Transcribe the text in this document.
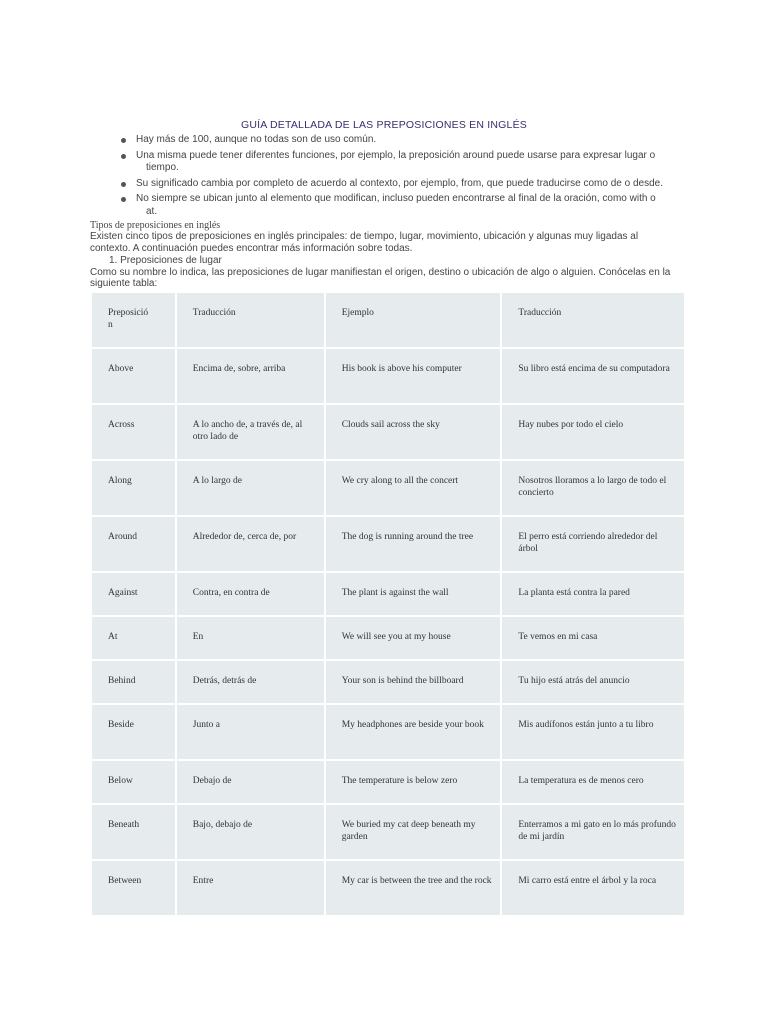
GUÍA DETALLADA DE LAS PREPOSICIONES EN INGLÉS
Hay más de 100, aunque no todas son de uso común.
Una misma puede tener diferentes funciones, por ejemplo, la preposición around puede usarse para expresar lugar o
tiempo.
Su significado cambia por completo de acuerdo al contexto, por ejemplo, from, que puede traducirse como de o desde.
No siempre se ubican junto al elemento que modifican, incluso pueden encontrarse al final de la oración, como with o
at.
Tipos de preposiciones en inglés
Existen cinco tipos de preposiciones en inglés principales: de tiempo, lugar, movimiento, ubicación y algunas muy ligadas al
contexto. A continuación puedes encontrar más información sobre todas.
1. Preposiciones de lugar
Como su nombre lo indica, las preposiciones de lugar manifiestan el origen, destino o ubicación de algo o alguien. Conócelas en la
siguiente tabla:
Preposició
n	Traducción	Ejemplo	Traducción
Above	Encima de, sobre, arriba	His book is above his computer	Su libro está encima de su computadora
Across	A lo ancho de, a través de, al otro lado de	Clouds sail across the sky	Hay nubes por todo el cielo
Along	A lo largo de	We cry along to all the concert	Nosotros lloramos a lo largo de todo el concierto
Around	Alrededor de, cerca de, por	The dog is running around the tree	El perro está corriendo alrededor del árbol
Against	Contra, en contra de	The plant is against the wall	La planta está contra la pared
At	En	We will see you at my house	Te vemos en mi casa
Behind	Detrás, detrás de	Your son is behind the billboard	Tu hijo está atrás del anuncio
Beside	Junto a	My headphones are beside your book	Mis audífonos están junto a tu libro
Below	Debajo de	The temperature is below zero	La temperatura es de menos cero
Beneath	Bajo, debajo de	We buried my cat deep beneath my garden	Enterramos a mi gato en lo más profundo de mi jardín
Between	Entre	My car is between the tree and the rock	Mi carro está entre el árbol y la roca
